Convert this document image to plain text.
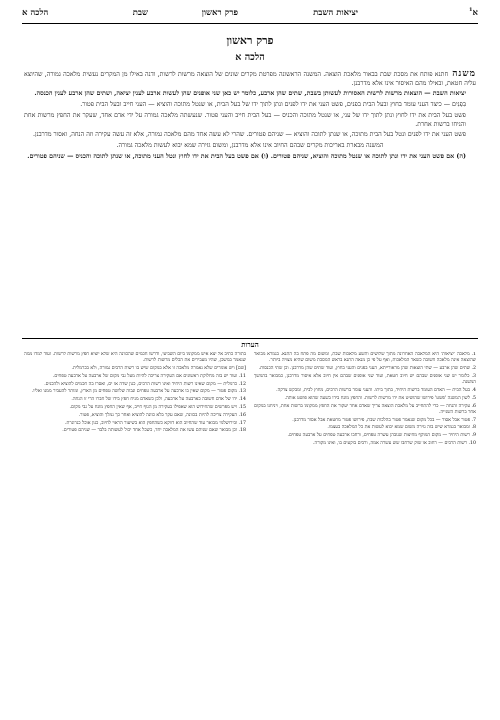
א$^1$
יציאות השבת
פרק ראשון
שבת
הלכה א
פרק ראשון
הלכה א

משנהחתנא פותח את מסכת שבת בבאור מלאכת הוצאה. המשנה הראשונה מפרטת מקרים שונים של הוצאה מרשות לרשות, ודנה באילו מן המקרים נעשית מלאכה גמורה, שהיוצא עליה חטאת, ובאילו מהם האיסור אינו אלא מדרבנן.

יציאות השבת — הוצאות מרשות לרשות האסורות לעשותן בשבת, שתים שהן ארבע, כלומר יש כאן שני אופנים שהן לעשות ארבע לענין יציאה, ושתים שהן ארבע לענין הכנסה.

בִּפְנִים — כיצד העני עומד בחוץ ובעל הבית בפנים, פשט העני את ידו לפנים ונתן לתוך ידו של בעל הבית, או שנטל מתוכה והוציא — העני חייב ובעל הבית פטור.

פשט בעל הבית את ידו לחוץ ונתן לתוך ידו של עני, או שנטל מתוכה והכניס — בעל הבית חייב והעני פטור. שנעשתה מלאכה גמורה על ידי אדם אחד, שעקר את החפץ מרשות אחת והניחו ברשות אחרת.

פשט העני את ידו לפנים ונטל בעל הבית מתוכה, או שנתן לתוכה והוציא — שניהם פטורים. שהרי לא עשה אחד מהם מלאכה גמורה, אלא זה עשה עקירה וזה הנחה, ואסור מדרבנן.

המשנה מבארת באריכות מקרים שבהם החיוב אינו אלא מדרבנן, ומשום גזירה שמא יבוא לעשות מלאכה גמורה.

(ה) אם פשט העני את ידו ונתן לתוכה או שנטל מתוכה והוציא, שניהם פטורים. (ו) אם פשט בעל הבית את ידו לחוץ ונטל העני מתוכה, או שנתן לתוכה והכניס — שניהם פטורים.

הערות

1. מלאכה 'יציאות' היא המלאכה האחרונה מתוך שלושים ותשע מלאכות שבת, ומשום מה פתח בה התנא. בגמרא מבואר שהוצאה אינה מלאכה חשובה כשאר המלאכות, ואף על פי כן מנאה התנא בראש המסכת משום שהיא מצויה ביותר.

2. שתים שהן ארבע — שתי הוצאות שהן מדאורייתא, העני בפנים והעני בחוץ, ועוד שתים שהן מדרבנן. וכן שתי הכנסות.

3. כלומר יש שני אופנים שבהם יש חיוב חטאת, ועוד שני אופנים שבהם אין חיוב אלא איסור מדרבנן, כמבואר בהמשך המשנה.

4. בעל הבית — האדם העומד ברשות היחיד, בתוך ביתו. והעני עומד ברשות הרבים, מחוץ לבית, ומבקש צדקה.

5. לשון המשנה 'פשט' פירושו שהושיט את ידו מרשות לרשות. והחפץ מונח בידו בשעה שהוא פושט אותה.

6. עקירה והנחה — כדי להתחייב על מלאכת הוצאה צריך שאדם אחד יעקור את החפץ ממקומו ברשות אחת, ויניחנו במקום אחר ברשות השנייה.

7. פטור אבל אסור — בכל מקום שנאמר פטור בהלכות שבת, פירושו פטור מחטאת אבל אסור מדרבנן.

8. ומבואר בגמרא שיש בזה גזירה משום שמא יבוא לעשות את כל המלאכה בעצמו.

9. רשות היחיד — מקום המוקף מחיצות שגובהן עשרה טפחים, ורחבו ארבעה טפחים על ארבעה טפחים.

10. רשות הרבים — רחוב או שוק שרחבו שש עשרה אמה, ורבים בוקעים בו, ואינו מקורה.

בתורה כתיב אל יצא איש ממקומו ביום השביעי, ודרשו חכמים שהכוונה היא שלא יוציא חפץ מרשות לרשות. ועוד למדו ממה שנאמר במשכן, שהיו מעבירים את הכלים מרשות לרשות.

[שם] ויש אומרים שלא נאמרה מלאכה זו אלא במקום שיש בו רשות הרבים גמורה, ולא בכרמלית.

11. ועוד יש בזה מחלוקת ראשונים אם העקירה צריכה להיות מעל גבי מקום של ארבעה על ארבעה טפחים.

12. כרמלית — מקום שאינו רשות היחיד ואינו רשות הרבים, כגון שדה או ים, ואסרו בה חכמים להוציא ולהכניס.

13. מקום פטור — מקום שאין בו ארבעה על ארבעה טפחים וגבוה שלושה טפחים מן הארץ, ומותר להעביר ממנו ואליו.

14. ידו של אדם חשובה כארבעה על ארבעה, ולכן כשאדם מניח חפץ בידו של חברו הרי זו הנחה.

15. ויש מפרשים שהחידוש הוא שאפילו בעקירה מן הגוף חייב, אף שאין החפץ מונח על גבי מקום.

16. העקירה צריכה להיות בכוונה, שאם עקר בלא כוונה להוציא ואחר כך נמלך והוציא, פטור.

17. ובירושלמי מבואר עוד שהחיוב הוא דווקא כשהחפץ הוא בשיעור הראוי לחיוב, כגון אוכל כגרוגרת.

18. וכן מבואר שאם שניהם עשו את המלאכה יחד, כשכל אחד יכול לעשותה בלבד — שניהם פטורים.
